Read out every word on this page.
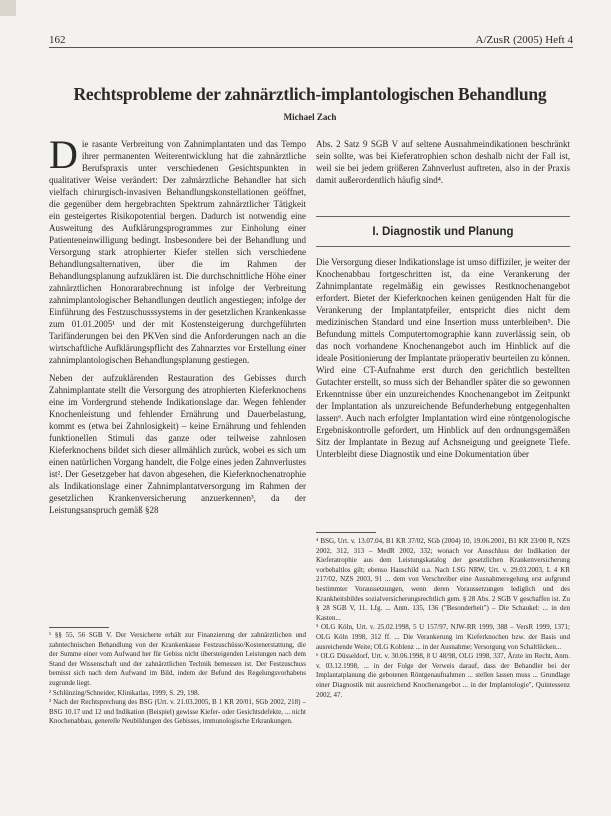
162	A/ZusR (2005) Heft 4
Rechtsprobleme der zahnärztlich-implantologischen Behandlung
Michael Zach

Die rasante Verbreitung von Zahnimplantaten und das Tempo ihrer permanenten Weiterentwicklung hat die zahnärztliche Berufspraxis unter verschiedenen Gesichtspunkten in qualitativer Weise verändert: Der zahnärztliche Behandler hat sich vielfach chirurgisch-invasiven Behandlungskonstellationen geöffnet, die gegenüber dem hergebrachten Spektrum zahnärztlicher Tätigkeit ein gesteigertes Risikopotential bergen. Dadurch ist notwendig eine Ausweitung des Aufklärungsprogrammes zur Einholung einer Patienteneinwilligung bedingt. Insbesondere bei der Behandlung und Versorgung stark atrophierter Kiefer stellen sich verschiedene Behandlungsalternativen, über die im Rahmen der Behandlungsplanung aufzuklären ist. Die durchschnittliche Höhe einer zahnärztlichen Honorarabrechnung ist infolge der Verbreitung zahnimplantologischer Behandlungen deutlich angestiegen; infolge der Einführung des Festzuschusssystems in der gesetzlichen Krankenkasse zum 01.01.2005¹ und der mit Kostensteigerung durchgeführten Tarifänderungen bei den PKVen sind die Anforderungen nach an die wirtschaftliche Aufklärungspflicht des Zahnarztes vor Erstellung einer zahnimplantologischen Behandlungsplanung gestiegen.

Neben der aufzuklärenden Restauration des Gebisses durch Zahnimplantate stellt die Versorgung des atrophierten Kieferknochens eine im Vordergrund stehende Indikationslage dar. Wegen fehlender Knochenleistung und fehlender Ernährung und Dauerbelastung, kommt es (etwa bei Zahnlosigkeit) – keine Ernährung und fehlenden funktionellen Stimuli das ganze oder teilweise zahnlosen Kieferknochens bildet sich dieser allmählich zurück, wobei es sich um einen natürlichen Vorgang handelt, die Folge eines jeden Zahnverlustes ist². Der Gesetzgeber hat davon abgesehen, die Kieferknochenatrophie als Indikationslage einer Zahnimplantatversorgung im Rahmen der gesetzlichen Krankenversicherung anzuerkennen³, da der Leistungsanspruch gemäß §28

Abs. 2 Satz 9 SGB V auf seltene Ausnahmeindikationen beschränkt sein sollte, was bei Kieferatrophien schon deshalb nicht der Fall ist, weil sie bei jedem größeren Zahnverlust auftreten, also in der Praxis damit außerordentlich häufig sind⁴.

I. Diagnostik und Planung

Die Versorgung dieser Indikationslage ist umso diffiziler, je weiter der Knochenabbau fortgeschritten ist, da eine Verankerung der Zahnimplantate regelmäßig ein gewisses Restknochenangebot erfordert. Bietet der Kieferknochen keinen genügenden Halt für die Verankerung der Implantatpfeiler, entspricht dies nicht dem medizinischen Standard und eine Insertion muss unterbleiben⁵. Die Befundung mittels Computertomographie kann zuverlässig sein, ob das noch vorhandene Knochenangebot auch im Hinblick auf die ideale Positionierung der Implantate präoperativ beurteilen zu können. Wird eine CT-Aufnahme erst durch den gerichtlich bestellten Gutachter erstellt, so muss sich der Behandler später die so gewonnen Erkenntnisse über ein unzureichendes Knochenangebot im Zeitpunkt der Implantation als unzureichende Befunderhebung entgegenhalten lassen⁶. Auch nach erfolgter Implantation wird eine röntgenologische Ergebniskontrolle gefordert, um Hinblick auf den ordnungsgemäßen Sitz der Implantate in Bezug auf Achsneigung und geeignete Tiefe. Unterbleibt diese Diagnostik und eine Dokumentation über

¹ §§ 55, 56 SGB V. Der Versicherte erhält zur Finanzierung der zahnärztlichen und zahntechnischen Behandlung von der Krankenkasse Festzuschüsse/Kostenerstattung, die der Summe einer vom Aufwand her für Gebiss nicht übersteigenden Leistungen nach dem Stand der Wissenschaft und der zahnärztlichen Technik bemessen ist. Der Festzuschuss bemisst sich nach dem Aufwand im Bild, indem der Befund des Regelungsvorhabens zugrunde liegt.

² Schlünzing/Schneider, Klinikatlas, 1999, S. 29, 198.

³ Nach der Rechtsprechung des BSG (Urt. v. 21.03.2005, B 1 KR 20/01, SGb 2002, 218) – BSG 10.17 und 12 und Indikation (Beispiel) gewisse Kiefer- oder Gesichtsdefekte, ... nicht Knochenabbau, generelle Neubildungen des Gebisses, immunologische Erkrankungen.

⁴ BSG, Urt. v. 13.07.04, B1 KR 37/02, SGb (2004) 10, 19.06.2001, B1 KR 23/00 R, NZS 2002, 312, 313 – MedR 2002, 332; wonach vor Ausschluss der Indikation der Kieferatrophie aus dem Leistungskatalog der gesetzlichen Krankenversicherung vorbehaltlos gilt; ebenso Hauschild u.a. Nach LSG NRW, Urt. v. 29.03.2003, L 4 KR 217/02, NZS 2003, 91 ... dem von Verschreiber eine Ausnahmeregelung erst aufgrund bestimmter Voraussetzungen, wenn deren Voraussetzungen lediglich und des Krankheitsbildes sozialversicherungsrechtlich gem. § 28 Abs. 2 SGB V geschaffen ist. Zu § 28 SGB V, 11. Lfg. ... Anm. 135, 136 ("Besonderheit") – Die Schaukel: ... in den Kasten...

⁵ OLG Köln, Urt. v. 25.02.1998, 5 U 157/97, NJW-RR 1999, 388 – VersR 1999, 1371; OLG Köln 1998, 312 ff. ... Die Verankerung im Kieferknochen bzw. der Basis und ausreichende Weite; OLG Koblenz ... in der Ausnahme; Versorgung von Schaltlücken...

⁶ OLG Düsseldorf, Urt. v. 30.06.1998, 8 U 48/98, OLG 1998, 337, Ärzte im Recht, Anm. v. 03.12.1998, ... in der Folge der Verweis darauf, dass der Behandler bei der Implantatplanung die gebotenen Röntgenaufnahmen ... stellen lassen muss ... Grundlage einer Diagnostik mit ausreichend Knochenangebot ... in der Implantologie", Quintessenz 2002, 47.
